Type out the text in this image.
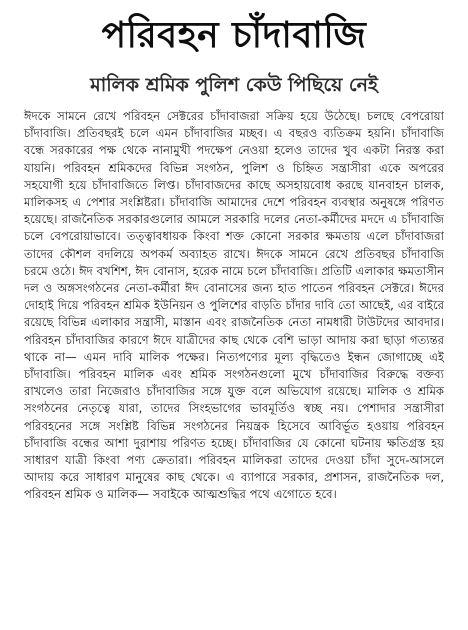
পরিবহন চাঁদাবাজি
মালিক শ্রমিক পুলিশ কেউ পিছিয়ে নেই

ঈদকে সামনে রেখে পরিবহন সেক্টরের চাঁদাবাজরা সক্রিয় হয়ে উঠেছে। চলছে বেপরোয়া চাঁদাবাজি। প্রতিবছরই চলে এমন চাঁদাবাজির মচ্ছব। এ বছরও ব্যতিক্রম হয়নি। চাঁদাবাজি বন্ধে সরকারের পক্ষ থেকে নানামুখী পদক্ষেপ নেওয়া হলেও তাদের খুব একটা নিরস্ত করা যায়নি। পরিবহন শ্রমিকদের বিভিন্ন সংগঠন, পুলিশ ও চিহ্নিত সন্ত্রাসীরা একে অপরের সহযোগী হয়ে চাঁদাবাজিতে লিপ্ত। চাঁদাবাজদের কাছে অসহায়বোধ করছে যানবাহন চালক, মালিকসহ এ পেশার সংশ্লিষ্টরা। চাঁদাবাজি আমাদের দেশে পরিবহন ব্যবস্থার অনুষঙ্গে পরিণত হয়েছে। রাজনৈতিক সরকারগুলোর আমলে সরকারি দলের নেতা-কর্মীদের মদদে এ চাঁদাবাজি চলে বেপরোয়াভাবে। তত্ত্বাবধায়ক কিংবা শক্ত কোনো সরকার ক্ষমতায় এলে চাঁদাবাজরা তাদের কৌশল বদলিয়ে অপকর্ম অব্যাহত রাখে। ঈদকে সামনে রেখে প্রতিবছর চাঁদাবাজি চরমে ওঠে। ঈদ বখশিশ, ঈদ বোনাস, হরেক নামে চলে চাঁদাবাজি। প্রতিটি এলাকার ক্ষমতাসীন দল ও অঙ্গসংগঠনের নেতা-কর্মীরা ঈদ বোনাসের জন্য হাত পাতেন পরিবহন সেক্টরে। ঈদের দোহাই দিয়ে পরিবহন শ্রমিক ইউনিয়ন ও পুলিশের বাড়তি চাঁদার দাবি তো আছেই, এর বাইরে রয়েছে বিভিন্ন এলাকার সন্ত্রাসী, মাস্তান এবং রাজনৈতিক নেতা নামধারী টাউটদের আবদার। পরিবহন চাঁদাবাজির কারণে ঈদে যাত্রীদের কাছ থেকে বেশি ভাড়া আদায় করা ছাড়া গত্যন্তর থাকে না— এমন দাবি মালিক পক্ষের। নিত্যপণ্যের মূল্য বৃদ্ধিতেও ইন্ধন জোগাচ্ছে এই চাঁদাবাজি। পরিবহন মালিক এবং শ্রমিক সংগঠনগুলো মুখে চাঁদাবাজির বিরুদ্ধে বক্তব্য রাখলেও তারা নিজেরাও চাঁদাবাজির সঙ্গে যুক্ত বলে অভিযোগ রয়েছে। মালিক ও শ্রমিক সংগঠনের নেতৃত্বে যারা, তাদের সিংহভাগের ভাবমূর্তিও স্বচ্ছ নয়। পেশাদার সন্ত্রাসীরা পরিবহনের সঙ্গে সংশ্লিষ্ট বিভিন্ন সংগঠনের নিয়ন্ত্রক হিসেবে আবির্ভূত হওয়ায় পরিবহন চাঁদাবাজি বন্ধের আশা দুরাশায় পরিণত হচ্ছে। চাঁদাবাজির যে কোনো ঘটনায় ক্ষতিগ্রস্ত হয় সাধারণ যাত্রী কিংবা পণ্য ক্রেতারা। পরিবহন মালিকরা তাদের দেওয়া চাঁদা সুদে-আসলে আদায় করে সাধারণ মানুষের কাছ থেকে। এ ব্যাপারে সরকার, প্রশাসন, রাজনৈতিক দল, পরিবহন শ্রমিক ও মালিক— সবাইকে আত্মশুদ্ধির পথে এগোতে হবে।
